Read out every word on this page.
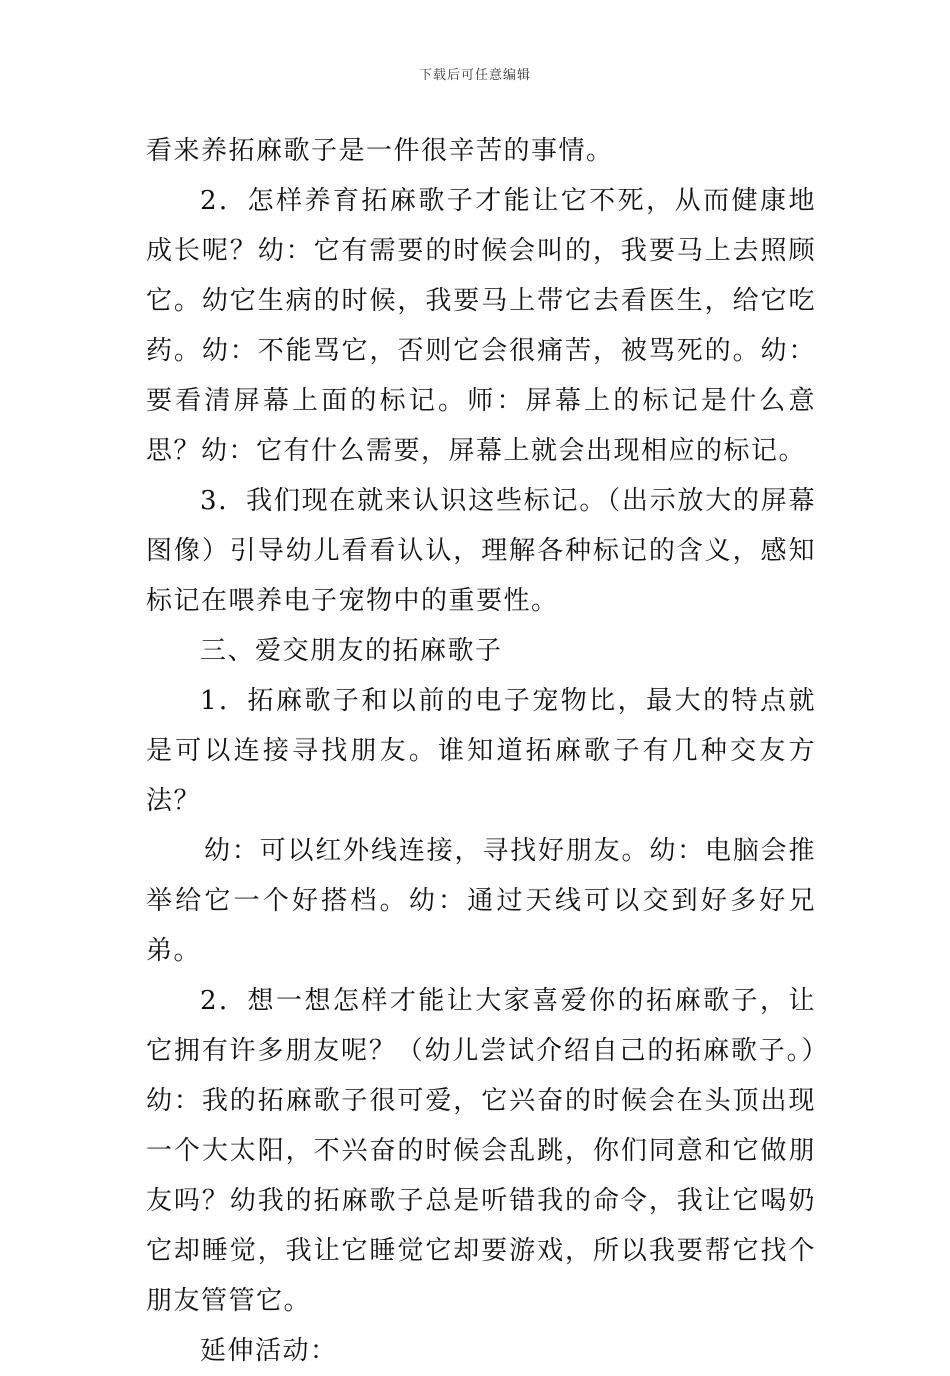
下载后可任意编辑

看来养拓麻歌子是一件很辛苦的事情。

2．怎样养育拓麻歌子才能让它不死，从而健康地成长呢？幼：它有需要的时候会叫的，我要马上去照顾它。幼它生病的时候，我要马上带它去看医生，给它吃药。幼：不能骂它，否则它会很痛苦，被骂死的。幼：要看清屏幕上面的标记。师：屏幕上的标记是什么意思？幼：它有什么需要，屏幕上就会出现相应的标记。

3．我们现在就来认识这些标记。（出示放大的屏幕图像）引导幼儿看看认认，理解各种标记的含义，感知标记在喂养电子宠物中的重要性。

三、爱交朋友的拓麻歌子

1．拓麻歌子和以前的电子宠物比，最大的特点就是可以连接寻找朋友。谁知道拓麻歌子有几种交友方法？

幼：可以红外线连接，寻找好朋友。幼：电脑会推举给它一个好搭档。幼：通过天线可以交到好多好兄弟。

2．想一想怎样才能让大家喜爱你的拓麻歌子，让它拥有许多朋友呢？（幼儿尝试介绍自己的拓麻歌子。）幼：我的拓麻歌子很可爱，它兴奋的时候会在头顶出现一个大太阳，不兴奋的时候会乱跳，你们同意和它做朋友吗？幼我的拓麻歌子总是听错我的命令，我让它喝奶它却睡觉，我让它睡觉它却要游戏，所以我要帮它找个朋友管管它。

延伸活动：
